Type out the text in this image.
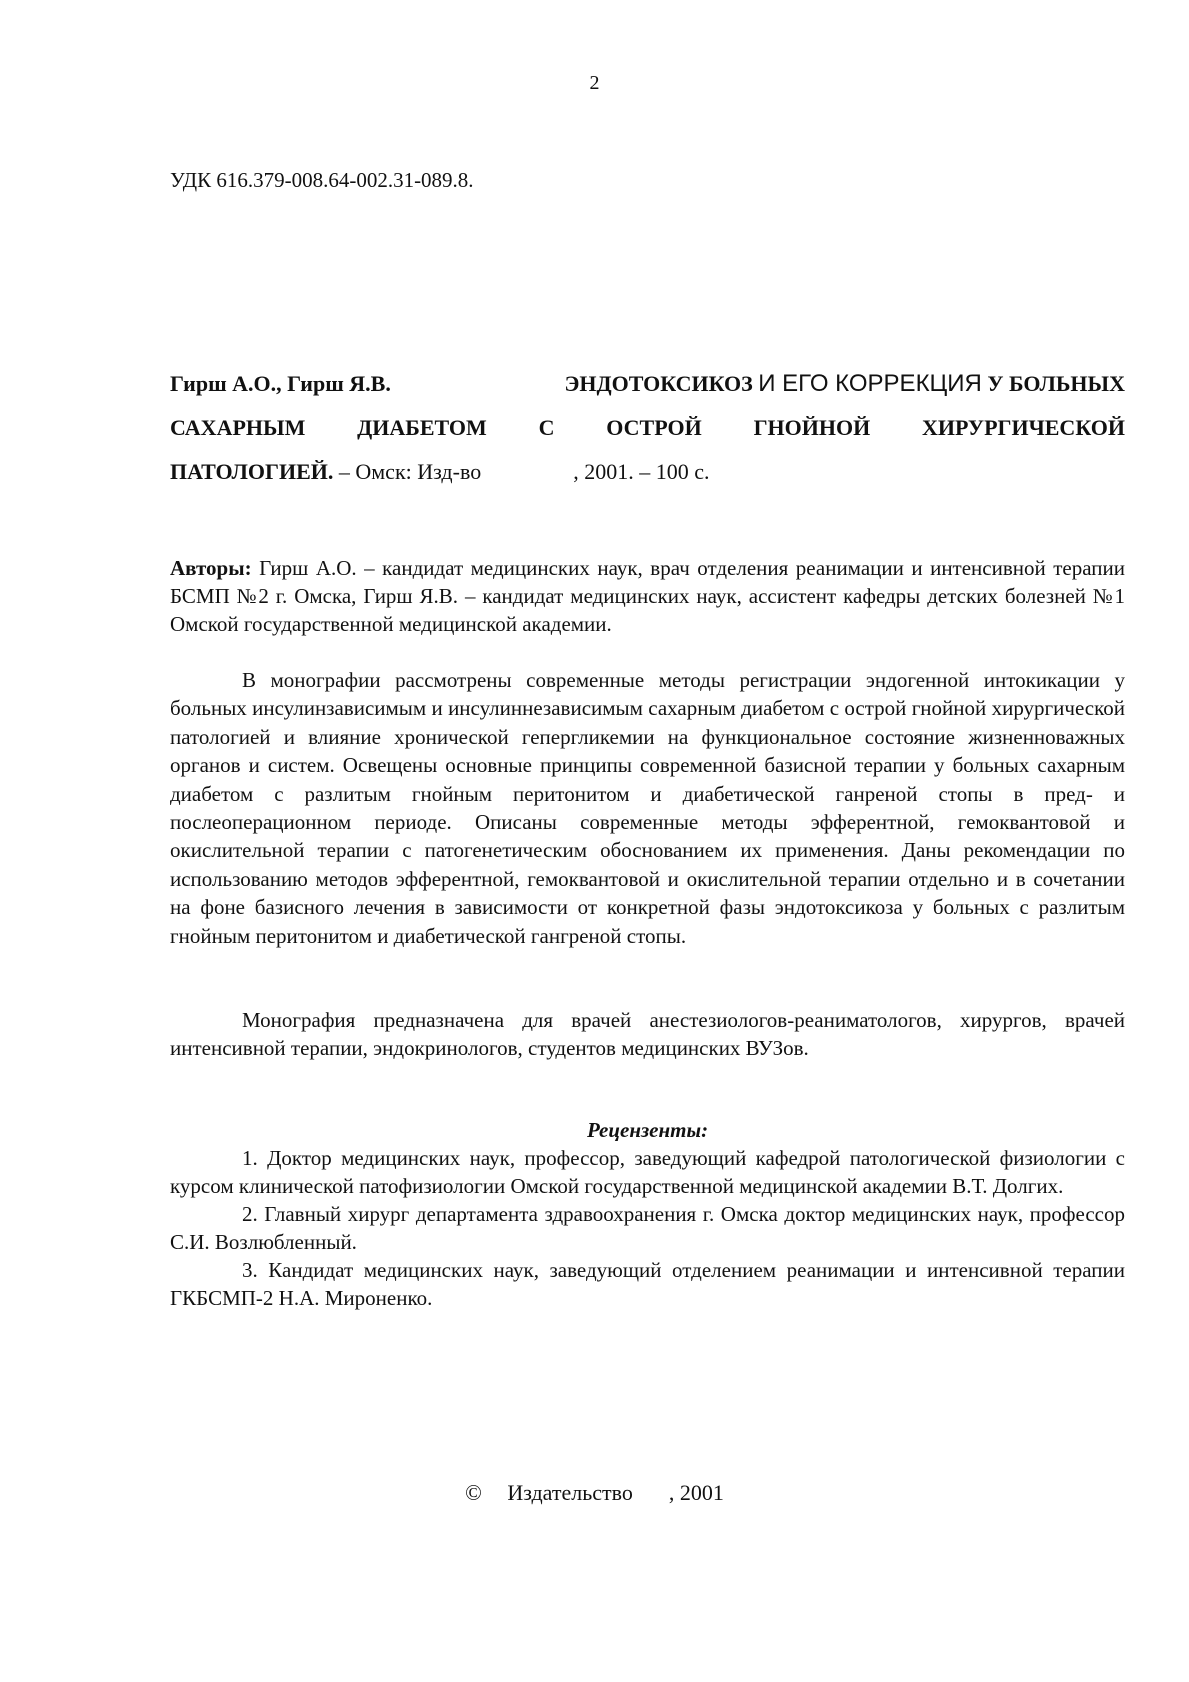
2
УДК 616.379-008.64-002.31-089.8.
Гирш А.О., Гирш Я.В.	ЭНДОТОКСИКОЗ И ЕГО КОРРЕКЦИЯ У БОЛЬНЫХ
САХАРНЫМ ДИАБЕТОМ С ОСТРОЙ ГНОЙНОЙ ХИРУРГИЧЕСКОЙ
ПАТОЛОГИЕЙ. – Омск: Изд-во	, 2001. – 100 с.
Авторы: Гирш А.О. – кандидат медицинских наук, врач отделения реанимации и интенсивной терапии БСМП №2 г. Омска, Гирш Я.В. – кандидат медицинских наук, ассистент кафедры детских болезней №1 Омской государственной медицинской академии.
В монографии рассмотрены современные методы регистрации эндогенной интокикации у больных инсулинзависимым и инсулиннезависимым сахарным диабетом с острой гнойной хирургической патологией и влияние хронической гепергликемии на функциональное состояние жизненноважных органов и систем. Освещены основные принципы современной базисной терапии у больных сахарным диабетом с разлитым гнойным перитонитом и диабетической ганреной стопы в пред- и послеоперационном периоде. Описаны современные методы эфферентной, гемоквантовой и окислительной терапии с патогенетическим обоснованием их применения. Даны рекомендации по использованию методов эфферентной, гемоквантовой и окислительной терапии отдельно и в сочетании на фоне базисного лечения в зависимости от конкретной фазы эндотоксикоза у больных с разлитым гнойным перитонитом и диабетической гангреной стопы.
Монография предназначена для врачей анестезиологов-реаниматологов, хирургов, врачей интенсивной терапии, эндокринологов, студентов медицинских ВУЗов.
Рецензенты:
1. Доктор медицинских наук, профессор, заведующий кафедрой патологической физиологии с курсом клинической патофизиологии Омской государственной медицинской академии В.Т. Долгих.
2. Главный хирург департамента здравоохранения г. Омска доктор медицинских наук, профессор С.И. Возлюбленный.
3. Кандидат медицинских наук, заведующий отделением реанимации и интенсивной терапии ГКБСМП-2 Н.А. Мироненко.
© Издательство , 2001
